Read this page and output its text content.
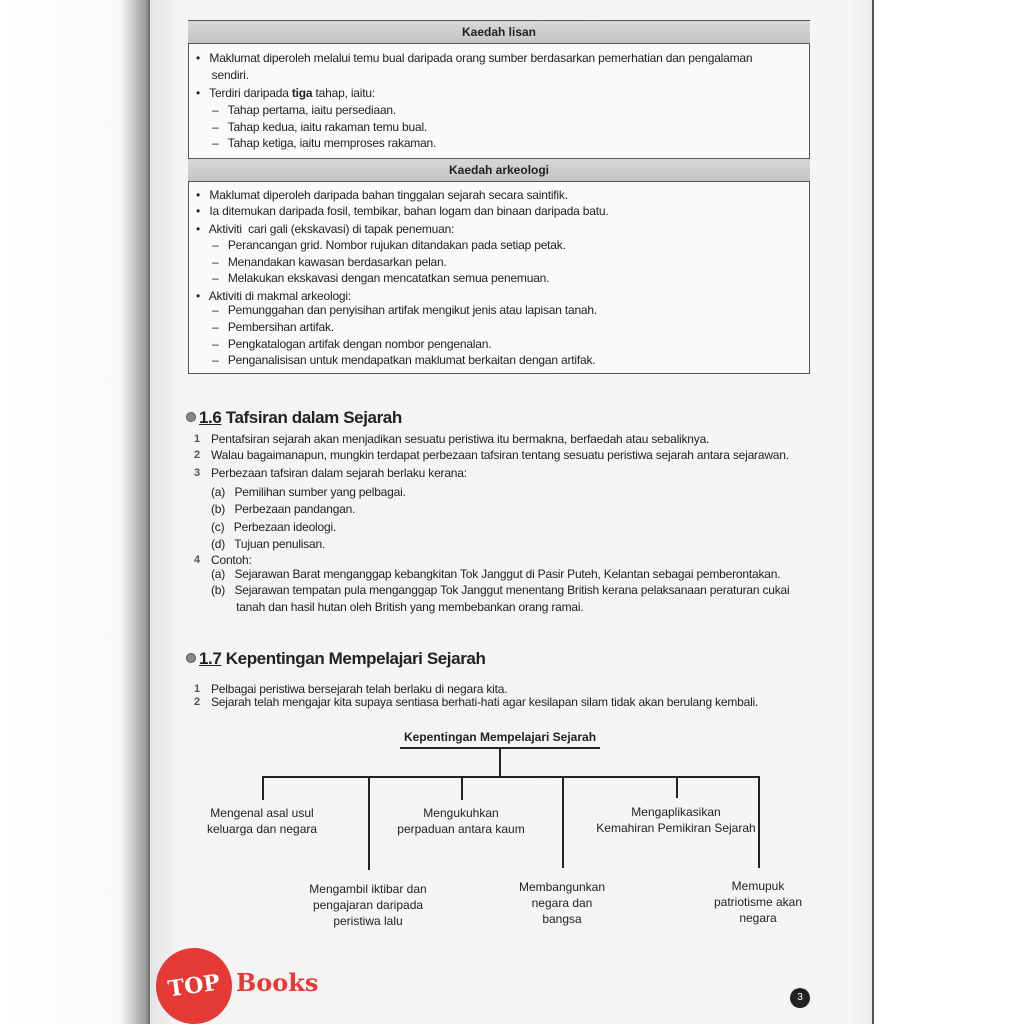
Kaedah lisan
•   Maklumat diperoleh melalui temu bual daripada orang sumber berdasarkan pemerhatian dan pengalaman
sendiri.
•   Terdiri daripada tiga tahap, iaitu:
–   Tahap pertama, iaitu persediaan.
–   Tahap kedua, iaitu rakaman temu bual.
–   Tahap ketiga, iaitu memproses rakaman.
Kaedah arkeologi
•   Maklumat diperoleh daripada bahan tinggalan sejarah secara saintifik.
•   Ia ditemukan daripada fosil, tembikar, bahan logam dan binaan daripada batu.
•   Aktiviti  cari gali (ekskavasi) di tapak penemuan:
–   Perancangan grid. Nombor rujukan ditandakan pada setiap petak.
–   Menandakan kawasan berdasarkan pelan.
–   Melakukan ekskavasi dengan mencatatkan semua penemuan.
•   Aktiviti di makmal arkeologi:
–   Pemunggahan dan penyisihan artifak mengikut jenis atau lapisan tanah.
–   Pembersihan artifak.
–   Pengkatalogan artifak dengan nombor pengenalan.
–   Penganalisisan untuk mendapatkan maklumat berkaitan dengan artifak.
1.6 Tafsiran dalam Sejarah
1 Pentafsiran sejarah akan menjadikan sesuatu peristiwa itu bermakna, berfaedah atau sebaliknya.
2 Walau bagaimanapun, mungkin terdapat perbezaan tafsiran tentang sesuatu peristiwa sejarah antara sejarawan.
3 Perbezaan tafsiran dalam sejarah berlaku kerana:
(a)   Pemilihan sumber yang pelbagai.
(b)   Perbezaan pandangan.
(c)   Perbezaan ideologi.
(d)   Tujuan penulisan.
4 Contoh:
(a)   Sejarawan Barat menganggap kebangkitan Tok Janggut di Pasir Puteh, Kelantan sebagai pemberontakan.
(b)   Sejarawan tempatan pula menganggap Tok Janggut menentang British kerana pelaksanaan peraturan cukai
tanah dan hasil hutan oleh British yang membebankan orang ramai.
1.7 Kepentingan Mempelajari Sejarah
1 Pelbagai peristiwa bersejarah telah berlaku di negara kita.
2 Sejarah telah mengajar kita supaya sentiasa berhati-hati agar kesilapan silam tidak akan berulang kembali.
Kepentingan Mempelajari Sejarah
Mengenal asal usul
keluarga dan negara
Mengambil iktibar dan
pengajaran daripada
peristiwa lalu
Mengukuhkan
perpaduan antara kaum
Membangunkan
negara dan
bangsa
Mengaplikasikan
Kemahiran Pemikiran Sejarah
Memupuk
patriotisme akan
negara
TOP Books
3
